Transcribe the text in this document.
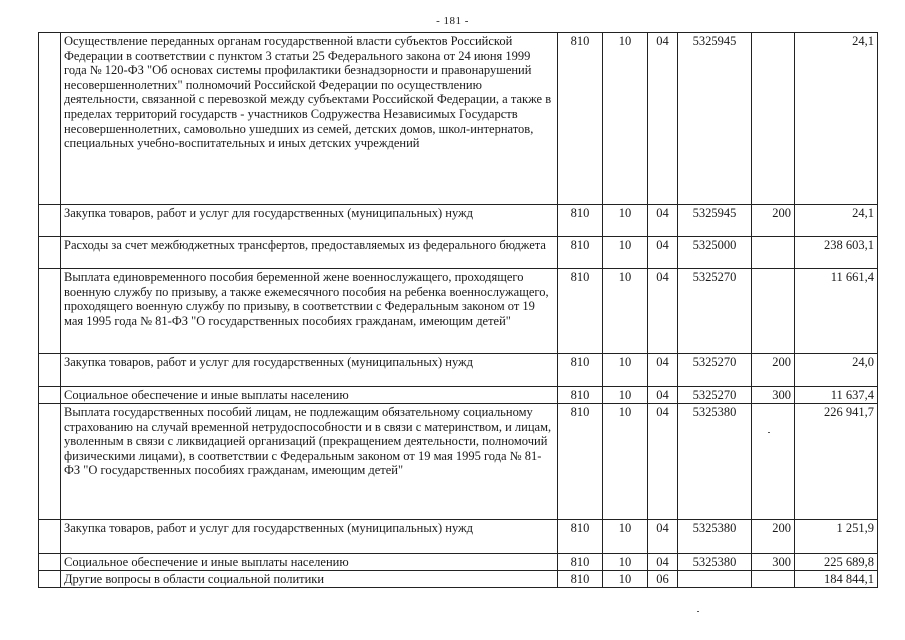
- 181 -
	Осуществление переданных органам государственной власти субъектов Российской Федерации в соответствии с пунктом 3 статьи 25 Федерального закона от 24 июня 1999 года № 120-ФЗ "Об основах системы профилактики безнадзорности и правонарушений несовершеннолетних" полномочий Российской Федерации по осуществлению деятельности, связанной с перевозкой между субъектами Российской Федерации, а также в пределах территорий государств - участников Содружества Независимых Государств несовершеннолетних, самовольно ушедших из семей, детских домов, школ-интернатов, специальных учебно-воспитательных и иных детских учреждений	810	10	04	5325945		24,1
	Закупка товаров, работ и услуг для государственных (муниципальных) нужд	810	10	04	5325945	200	24,1
	Расходы за счет межбюджетных трансфертов, предоставляемых из федерального бюджета	810	10	04	5325000		238 603,1
	Выплата единовременного пособия беременной жене военнослужащего, проходящего военную службу по призыву, а также ежемесячного пособия на ребенка военнослужащего, проходящего военную службу по призыву, в соответствии с Федеральным законом от 19 мая 1995 года № 81-ФЗ "О государственных пособиях гражданам, имеющим детей"	810	10	04	5325270		11 661,4
	Закупка товаров, работ и услуг для государственных (муниципальных) нужд	810	10	04	5325270	200	24,0
	Социальное обеспечение и иные выплаты населению	810	10	04	5325270	300	11 637,4
	Выплата государственных пособий лицам, не подлежащим обязательному социальному страхованию на случай временной нетрудоспособности и в связи с материнством, и лицам, уволенным в связи с ликвидацией организаций (прекращением деятельности, полномочий физическими лицами), в соответствии с Федеральным законом от 19 мая 1995 года № 81-ФЗ "О государственных пособиях гражданам, имеющим детей"	810	10	04	5325380		226 941,7
	Закупка товаров, работ и услуг для государственных (муниципальных) нужд	810	10	04	5325380	200	1 251,9
	Социальное обеспечение и иные выплаты населению	810	10	04	5325380	300	225 689,8
	Другие вопросы в области социальной политики	810	10	06			184 844,1
